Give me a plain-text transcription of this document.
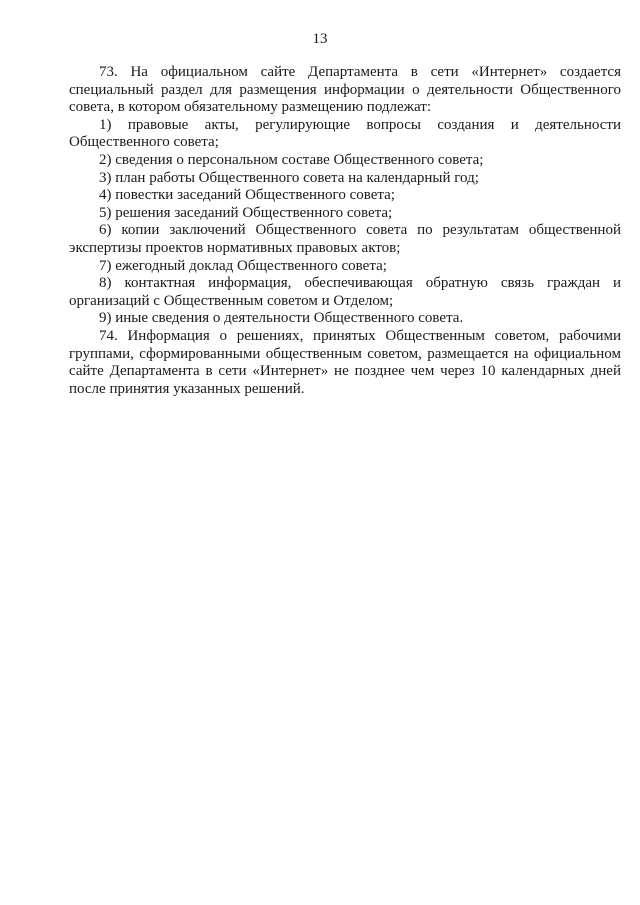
13

73. На официальном сайте Департамента в сети «Интернет» создается специальный раздел для размещения информации о деятельности Общественного совета, в котором обязательному размещению подлежат:

1) правовые акты, регулирующие вопросы создания и деятельности Общественного совета;

2) сведения о персональном составе Общественного совета;

3) план работы Общественного совета на календарный год;

4) повестки заседаний Общественного совета;

5) решения заседаний Общественного совета;

6) копии заключений Общественного совета по результатам общественной экспертизы проектов нормативных правовых актов;

7) ежегодный доклад Общественного совета;

8) контактная информация, обеспечивающая обратную связь граждан и организаций с Общественным советом и Отделом;

9) иные сведения о деятельности Общественного совета.

74. Информация о решениях, принятых Общественным советом, рабочими группами, сформированными общественным советом, размещается на официальном сайте Департамента в сети «Интернет» не позднее чем через 10 календарных дней после принятия указанных решений.
